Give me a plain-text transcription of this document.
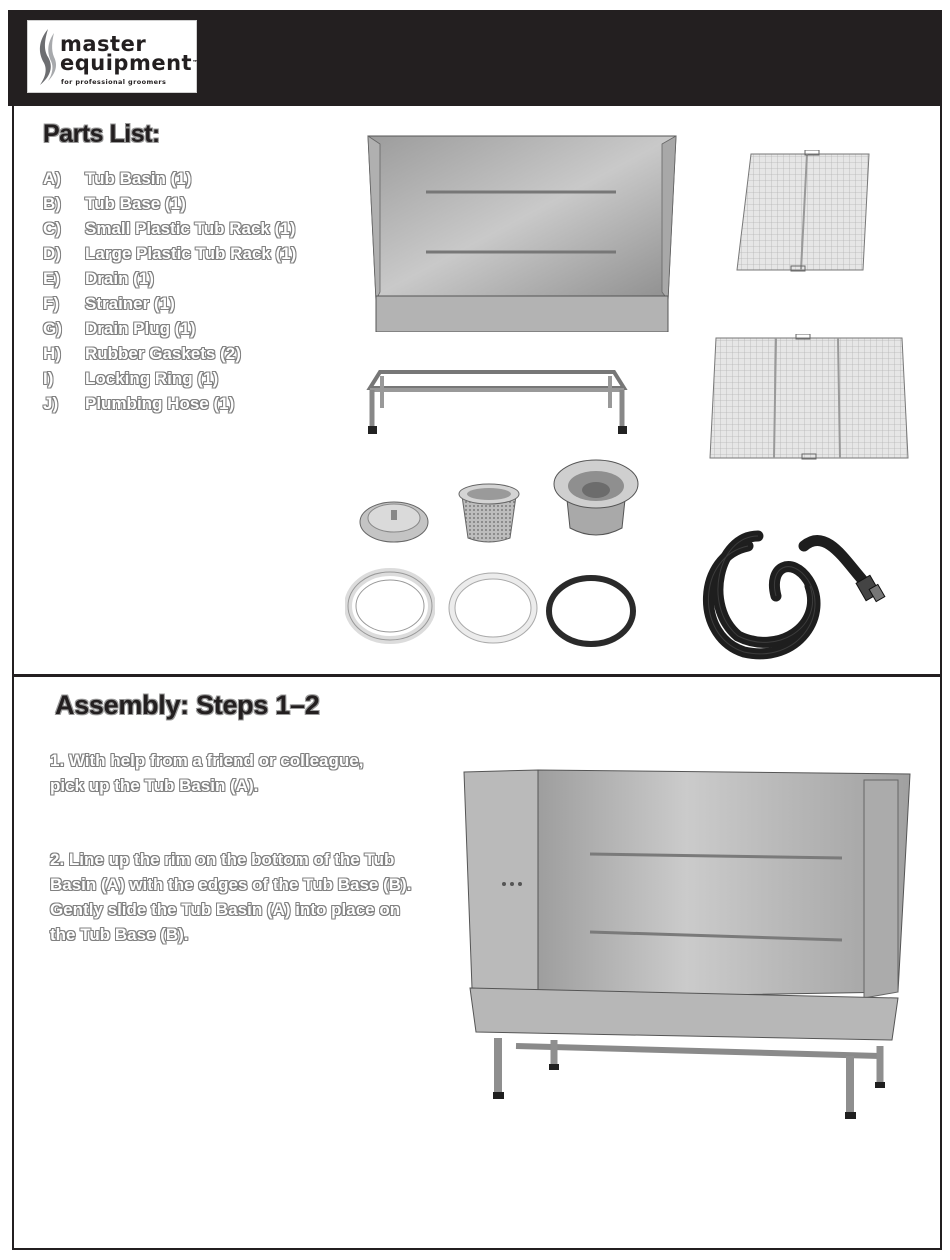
master
equipment™
for professional groomers
Parts List:
A)	Tub Basin (1)
B)	Tub Base (1)
C)	Small Plastic Tub Rack (1)
D)	Large Plastic Tub Rack (1)
E)	Drain (1)
F)	Strainer (1)
G)	Drain Plug (1)
H)	Rubber Gaskets (2)
I)	Locking Ring (1)
J)	Plumbing Hose (1)
Assembly: Steps 1–2
1. With help from a friend or colleague,
pick up the Tub Basin (A).
2. Line up the rim on the bottom of the Tub
Basin (A) with the edges of the Tub Base (B).
Gently slide the Tub Basin (A) into place on
the Tub Base (B).
